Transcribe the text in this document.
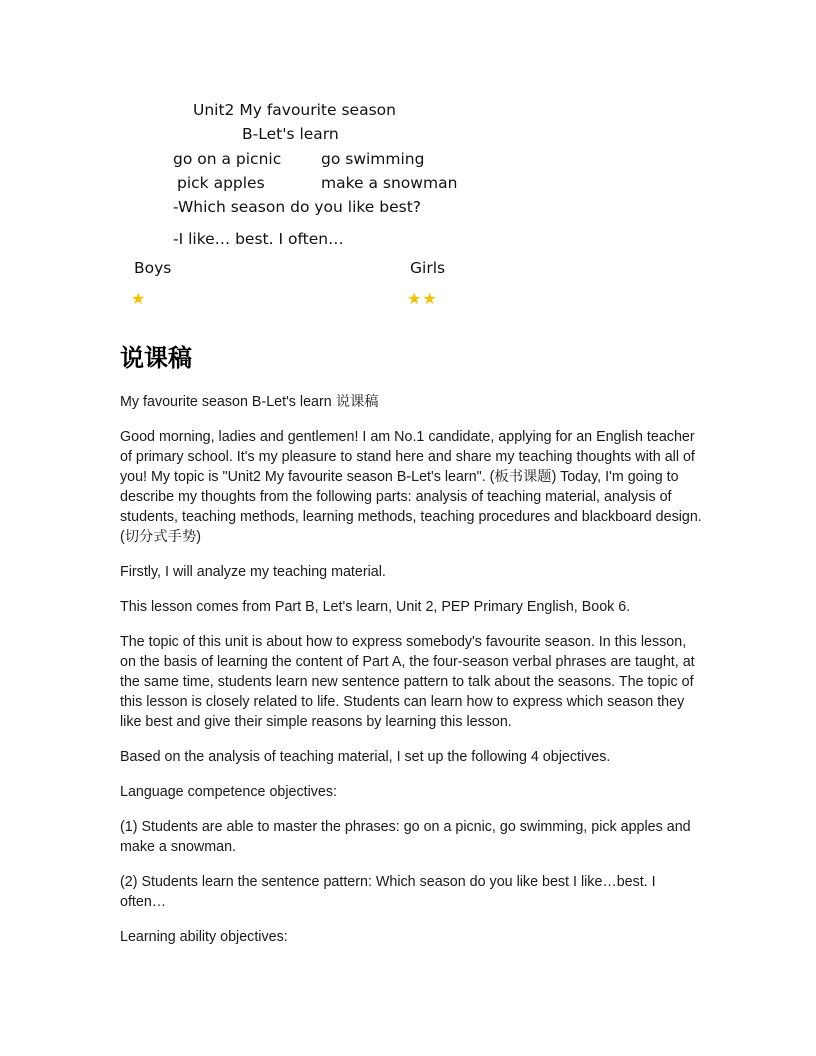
Unit2 My favourite season
B-Let's learn
go on a picnic	go swimming
pick apples	make a snowman
-Which season do you like best?
-I like… best. I often…
Boys	Girls
★	★★
说课稿

My favourite season B-Let's learn 说课稿

Good morning, ladies and gentlemen! I am No.1 candidate, applying for an English teacher of primary school. It's my pleasure to stand here and share my teaching thoughts with all of you! My topic is "Unit2 My favourite season B-Let's learn". (板书课题) Today, I'm going to describe my thoughts from the following parts: analysis of teaching material, analysis of students, teaching methods, learning methods, teaching procedures and blackboard design.(切分式手势)

Firstly, I will analyze my teaching material.

This lesson comes from Part B, Let's learn, Unit 2, PEP Primary English, Book 6.

The topic of this unit is about how to express somebody's favourite season. In this lesson, on the basis of learning the content of Part A, the four-season verbal phrases are taught, at the same time, students learn new sentence pattern to talk about the seasons. The topic of this lesson is closely related to life. Students can learn how to express which season they like best and give their simple reasons by learning this lesson.

Based on the analysis of teaching material, I set up the following 4 objectives.

Language competence objectives:

(1) Students are able to master the phrases: go on a picnic, go swimming, pick apples and make a snowman.

(2) Students learn the sentence pattern: Which season do you like best I like…best. I often…

Learning ability objectives:
